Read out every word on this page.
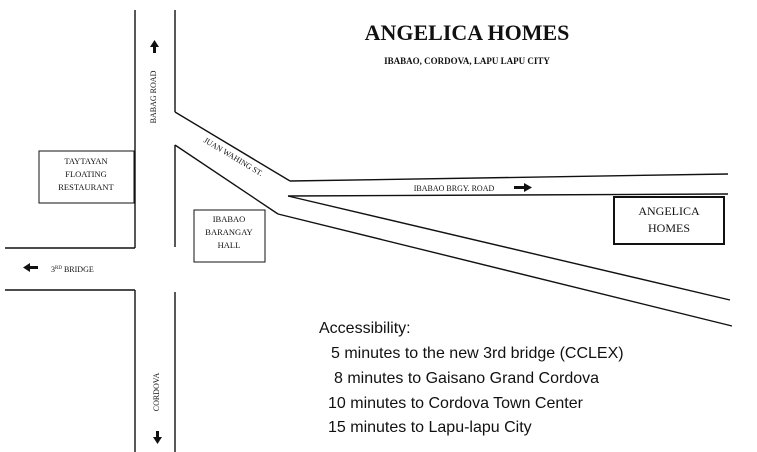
ANGELICA HOMES
IBABAO, CORDOVA, LAPU LAPU CITY
BABAG ROAD
JUAN WAHING ST.
IBABAO BRGY. ROAD
3RD BRIDGE
CORDOVA
TAYTAYAN
FLOATING
RESTAURANT
IBABAO
BARANGAY
HALL
ANGELICA
HOMES
Accessibility:
5 minutes to the new 3rd bridge (CCLEX)
8 minutes to Gaisano Grand Cordova
10 minutes to Cordova Town Center
15 minutes to Lapu-lapu City
